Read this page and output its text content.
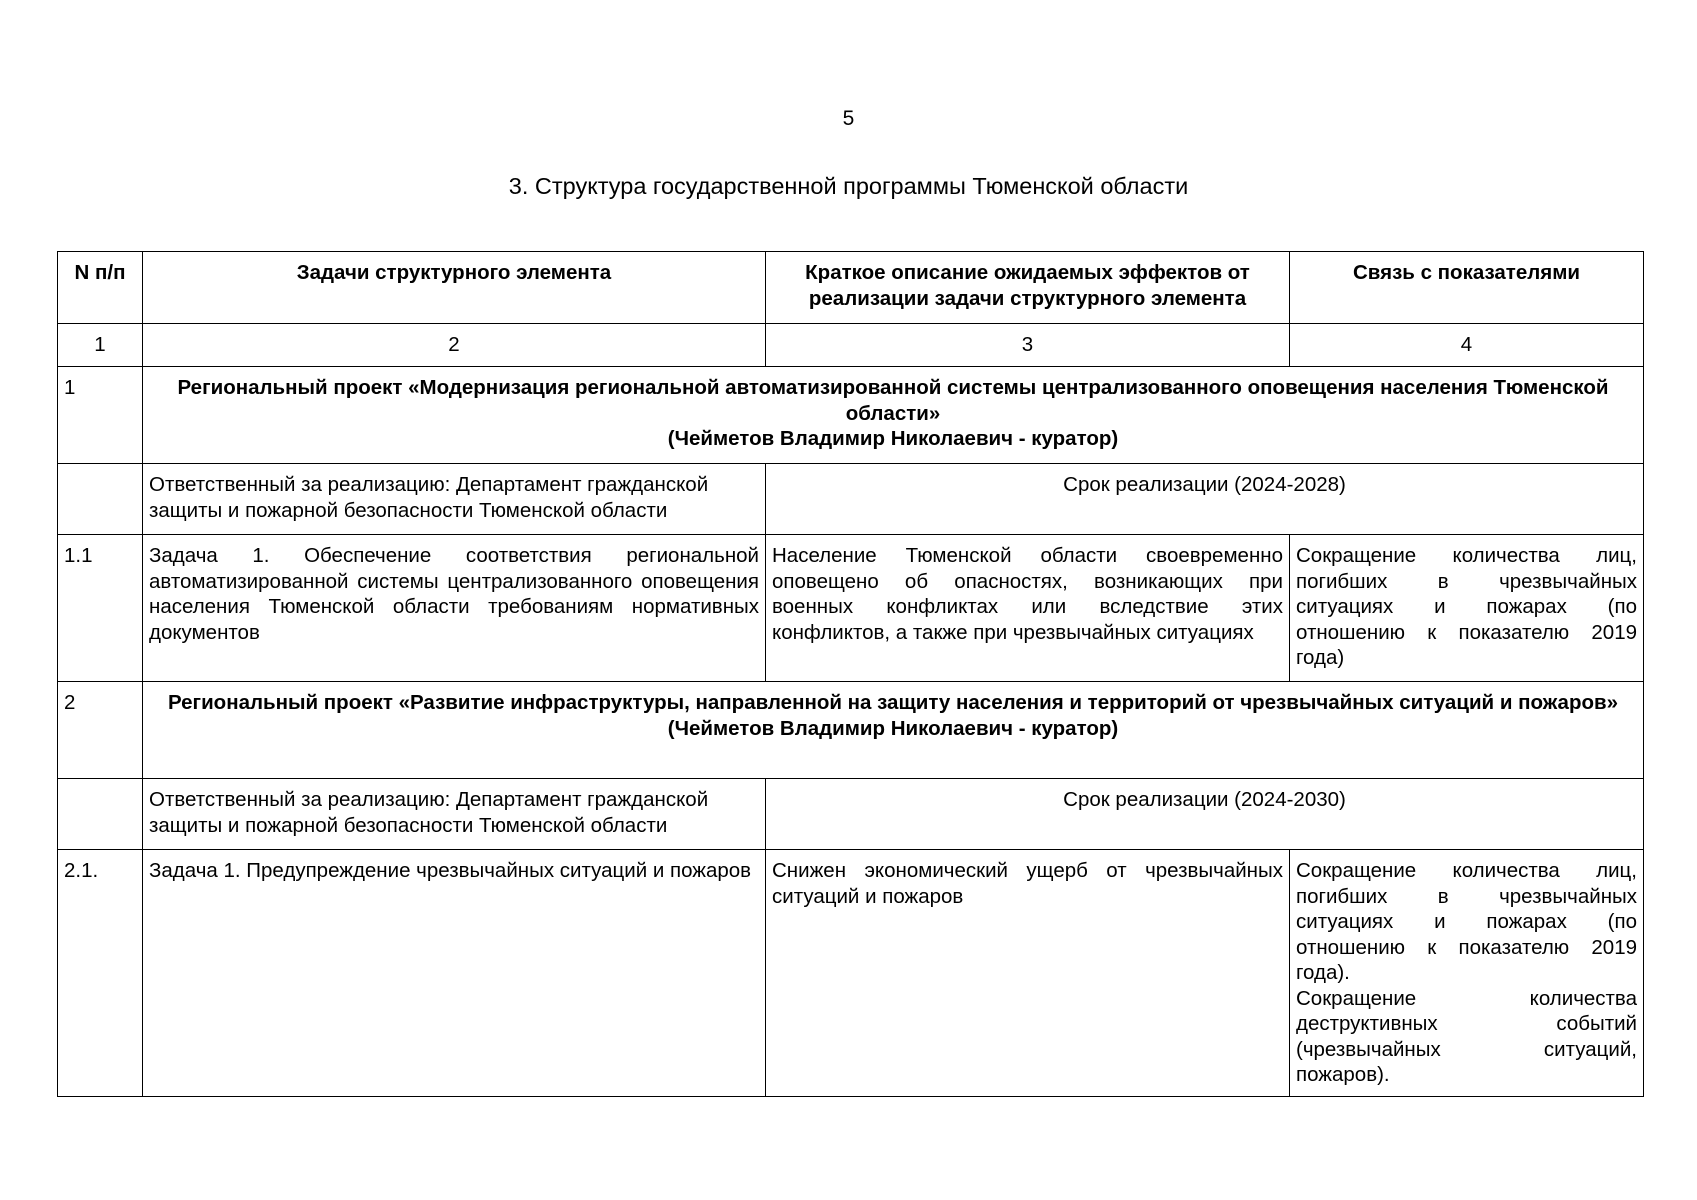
5
3. Структура государственной программы Тюменской области
N п/п	Задачи структурного элемента	Краткое описание ожидаемых эффектов от реализации задачи структурного элемента	Связь с показателями
1	2	3	4
1	Региональный проект «Модернизация региональной автоматизированной системы централизованного оповещения населения Тюменской области»
(Чейметов Владимир Николаевич - куратор)		

	Ответственный за реализацию: Департамент гражданской защиты и пожарной безопасности Тюменской области	Срок реализации (2024-2028)	
1.1	Задача 1. Обеспечение соответствия региональной автоматизированной системы централизованного оповещения населения Тюменской области требованиям нормативных документов	Население Тюменской области своевременно оповещено об опасностях, возникающих при военных конфликтах или вследствие этих конфликтов, а также при чрезвычайных ситуациях	Сокращение количества лиц, погибших в чрезвычайных ситуациях и пожарах (по отношению к показателю 2019 года)

2	Региональный проект «Развитие инфраструктуры, направленной на защиту населения и территорий от чрезвычайных ситуаций и пожаров»
(Чейметов Владимир Николаевич - куратор)		

	Ответственный за реализацию: Департамент гражданской защиты и пожарной безопасности Тюменской области	Срок реализации (2024-2030)	
2.1.	Задача 1. Предупреждение чрезвычайных ситуаций и пожаров	Снижен экономический ущерб от чрезвычайных ситуаций и пожаров	Сокращение количества лиц, погибших в чрезвычайных ситуациях и пожарах (по отношению к показателю 2019 года).
Сокращение количества деструктивных событий (чрезвычайных ситуаций, пожаров).
